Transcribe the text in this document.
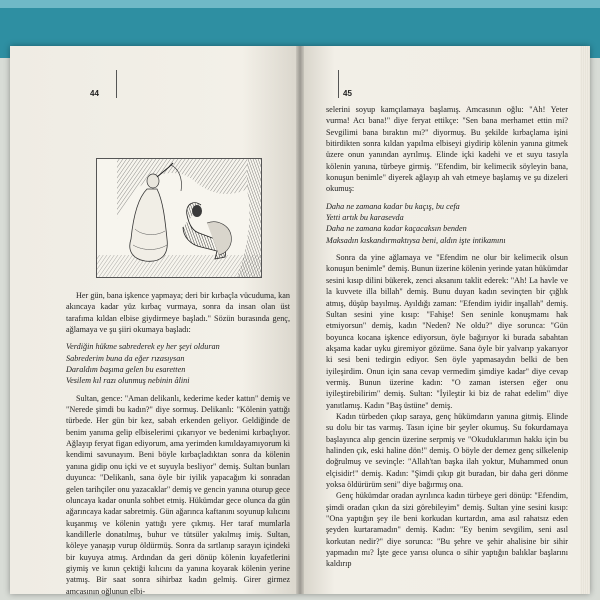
44	45

Her gün, bana işkence yapmaya; deri bir kırbaçla vücuduma, kan akıncaya kadar yüz kırbaç vurmaya, sonra da insan olan üst tarafıma kıldan elbise giydirmeye başladı." Sözün burasında genç, ağlamaya ve şu şiiri okumaya başladı:

Verdiğin hükme sabrederek ey her şeyi olduran
Sabrederim buna da eğer rızasıysan
Daraldım başıma gelen bu esaretten
Vesilem kıl razı olunmuş nebinin âlini

Sultan, gence: "Aman delikanlı, kederime keder kattın" demiş ve "Nerede şimdi bu kadın?" diye sormuş. Delikanlı: "Kölenin yattığı türbede. Her gün bir kez, sabah erkenden geliyor. Geldiğinde de benim yanıma gelip elbiselerimi çıkarıyor ve bedenimi kırbaçlıyor. Ağlayıp feryat figan ediyorum, ama yerimden kımıldayamıyorum ki kendimi savunayım. Beni böyle kırbaçladıktan sonra da kölenin yanına gidip onu içki ve et suyuyla besliyor" demiş. Sultan bunları duyunca: "Delikanlı, sana öyle bir iyilik yapacağım ki sonradan gelen tarihçiler onu yazacaklar" demiş ve gencin yanına oturup gece oluncaya kadar onunla sohbet etmiş. Hükümdar gece olunca da gün ağarıncaya kadar sabretmiş. Gün ağarınca kaftanını soyunup kılıcını kuşanmış ve kölenin yattığı yere çıkmış. Her taraf mumlarla kandillerle donatılmış, buhur ve tütsüler yakılmış imiş. Sultan, köleye yanaşıp vurup öldürmüş. Sonra da sırtlanıp sarayın içindeki bir kuyuya atmış. Ardından da geri dönüp kölenin kıyafetlerini giymiş ve kının çektiği kılıcını da yanına koyarak kölenin yerine yatmış. Bir saat sonra sihirbaz kadın gelmiş. Girer girmez amcasının oğlunun elbi-

selerini soyup kamçılamaya başlamış. Amcasının oğlu: "Ah! Yeter vurma! Acı bana!" diye feryat ettikçe: "Sen bana merhamet ettin mi? Sevgilimi bana bıraktın mı?" diyormuş. Bu şekilde kırbaçlama işini bitirdikten sonra kıldan yapılma elbiseyi giydirip kölenin yanına gitmek üzere onun yanından ayrılmış. Elinde içki kadehi ve et suyu tasıyla kölenin yanına, türbeye girmiş. "Efendim, bir kelimecik söyleyin bana, konuşun benimle" diyerek ağlayıp ah vah etmeye başlamış ve şu dizeleri okumuş:

Daha ne zamana kadar bu kaçış, bu cefa
Yetti artık bu karasevda
Daha ne zamana kadar kaçacaksın benden
Maksadın kıskandırmaktıysa beni, aldın işte intikamını

Sonra da yine ağlamaya ve "Efendim ne olur bir kelimecik olsun konuşun benimle" demiş. Bunun üzerine kölenin yerinde yatan hükümdar sesini kısıp dilini bükerek, zenci aksanını taklit ederek: "Ah! La havle ve la kuvvete illa billah" demiş. Bunu duyan kadın sevinçten bir çığlık atmış, düşüp bayılmış. Ayıldığı zaman: "Efendim iyidir inşallah" demiş. Sultan sesini yine kısıp: "Fahişe! Sen seninle konuşmamı hak etmiyorsun" demiş, kadın "Neden? Ne oldu?" diye sorunca: "Gün boyunca kocana işkence ediyorsun, öyle bağırıyor ki burada sabahtan akşama kadar uyku giremiyor gözüme. Sana öyle bir yalvarıp yakarıyor ki sesi beni tedirgin ediyor. Sen öyle yapmasaydın belki de ben iyileşirdim. Onun için sana cevap vermedim şimdiye kadar" diye cevap vermiş. Bunun üzerine kadın: "O zaman istersen eğer onu iyileştirebilirim" demiş. Sultan: "İyileştir ki biz de rahat edelim" diye yanıtlamış. Kadın "Baş üstüne" demiş.

Kadın türbeden çıkıp saraya, genç hükümdarın yanına gitmiş. Elinde su dolu bir tas varmış. Tasın içine bir şeyler okumuş. Su fokurdamaya başlayınca alıp gencin üzerine serpmiş ve "Okuduklarımın hakkı için bu halinden çık, eski haline dön!" demiş. O böyle der demez genç silkelenip doğrulmuş ve sevinçle: "Allah'tan başka ilah yoktur, Muhammed onun elçisidir!" demiş. Kadın: "Şimdi çıkıp git buradan, bir daha geri dönme yoksa öldürürüm seni" diye bağırmış ona.

Genç hükümdar oradan ayrılınca kadın türbeye geri dönüp: "Efendim, şimdi oradan çıkın da sizi görebileyim" demiş. Sultan yine sesini kısıp: "Ona yaptığın şey ile beni korkudan kurtardın, ama asıl rahatsız eden şeyden kurtaramadın" demiş. Kadın: "Ey benim sevgilim, seni asıl korkutan nedir?" diye sorunca: "Bu şehre ve şehir ahalisine bir sihir yapmadın mı? İşte gece yarısı olunca o sihir yaptığın balıklar başlarını kaldırıp
